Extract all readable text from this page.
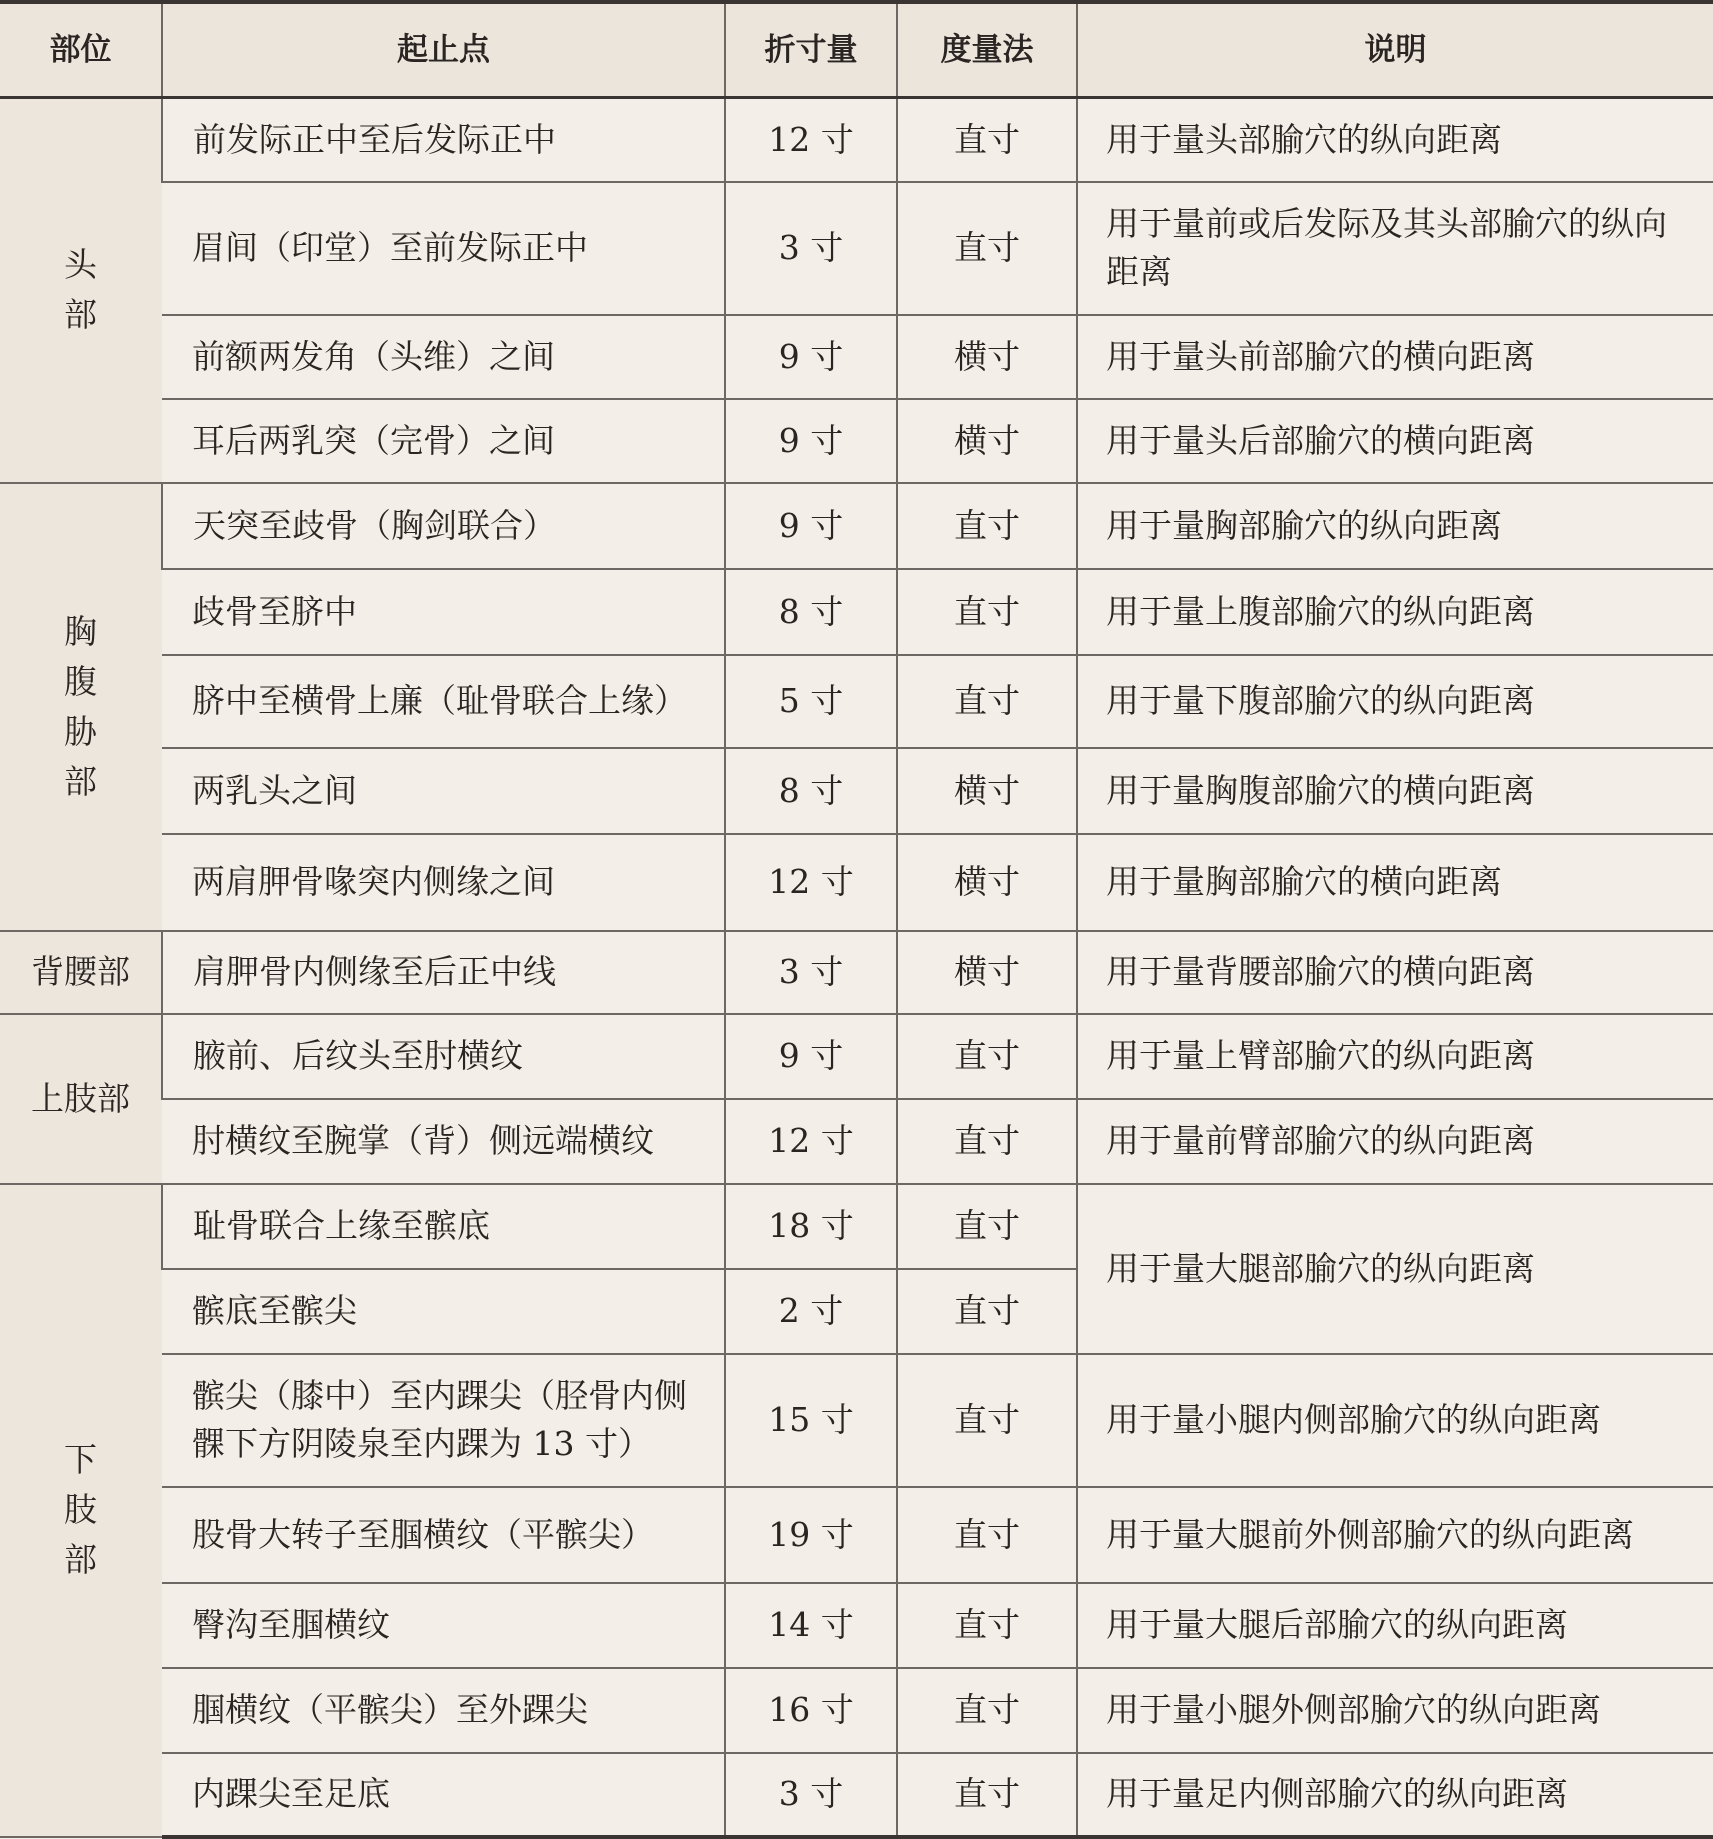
部位	起止点	折寸量	度量法	说明
头部	前发际正中至后发际正中	12 寸	直寸	用于量头部腧穴的纵向距离
	眉间（印堂）至前发际正中	3 寸	直寸	用于量前或后发际及其头部腧穴的纵向距离
	前额两发角（头维）之间	9 寸	横寸	用于量头前部腧穴的横向距离
	耳后两乳突（完骨）之间	9 寸	横寸	用于量头后部腧穴的横向距离
胸腹胁部	天突至歧骨（胸剑联合）	9 寸	直寸	用于量胸部腧穴的纵向距离
	歧骨至脐中	8 寸	直寸	用于量上腹部腧穴的纵向距离
	脐中至横骨上廉（耻骨联合上缘）	5 寸	直寸	用于量下腹部腧穴的纵向距离
	两乳头之间	8 寸	横寸	用于量胸腹部腧穴的横向距离
	两肩胛骨喙突内侧缘之间	12 寸	横寸	用于量胸部腧穴的横向距离
背腰部	肩胛骨内侧缘至后正中线	3 寸	横寸	用于量背腰部腧穴的横向距离
上肢部	腋前、后纹头至肘横纹	9 寸	直寸	用于量上臂部腧穴的纵向距离
	肘横纹至腕掌（背）侧远端横纹	12 寸	直寸	用于量前臂部腧穴的纵向距离
下肢部	耻骨联合上缘至髌底	18 寸	直寸	用于量大腿部腧穴的纵向距离
	髌底至髌尖	2 寸	直寸	
	髌尖（膝中）至内踝尖（胫骨内侧髁下方阴陵泉至内踝为 13 寸）	15 寸	直寸	用于量小腿内侧部腧穴的纵向距离
	股骨大转子至腘横纹（平髌尖）	19 寸	直寸	用于量大腿前外侧部腧穴的纵向距离
	臀沟至腘横纹	14 寸	直寸	用于量大腿后部腧穴的纵向距离
	腘横纹（平髌尖）至外踝尖	16 寸	直寸	用于量小腿外侧部腧穴的纵向距离
	内踝尖至足底	3 寸	直寸	用于量足内侧部腧穴的纵向距离
